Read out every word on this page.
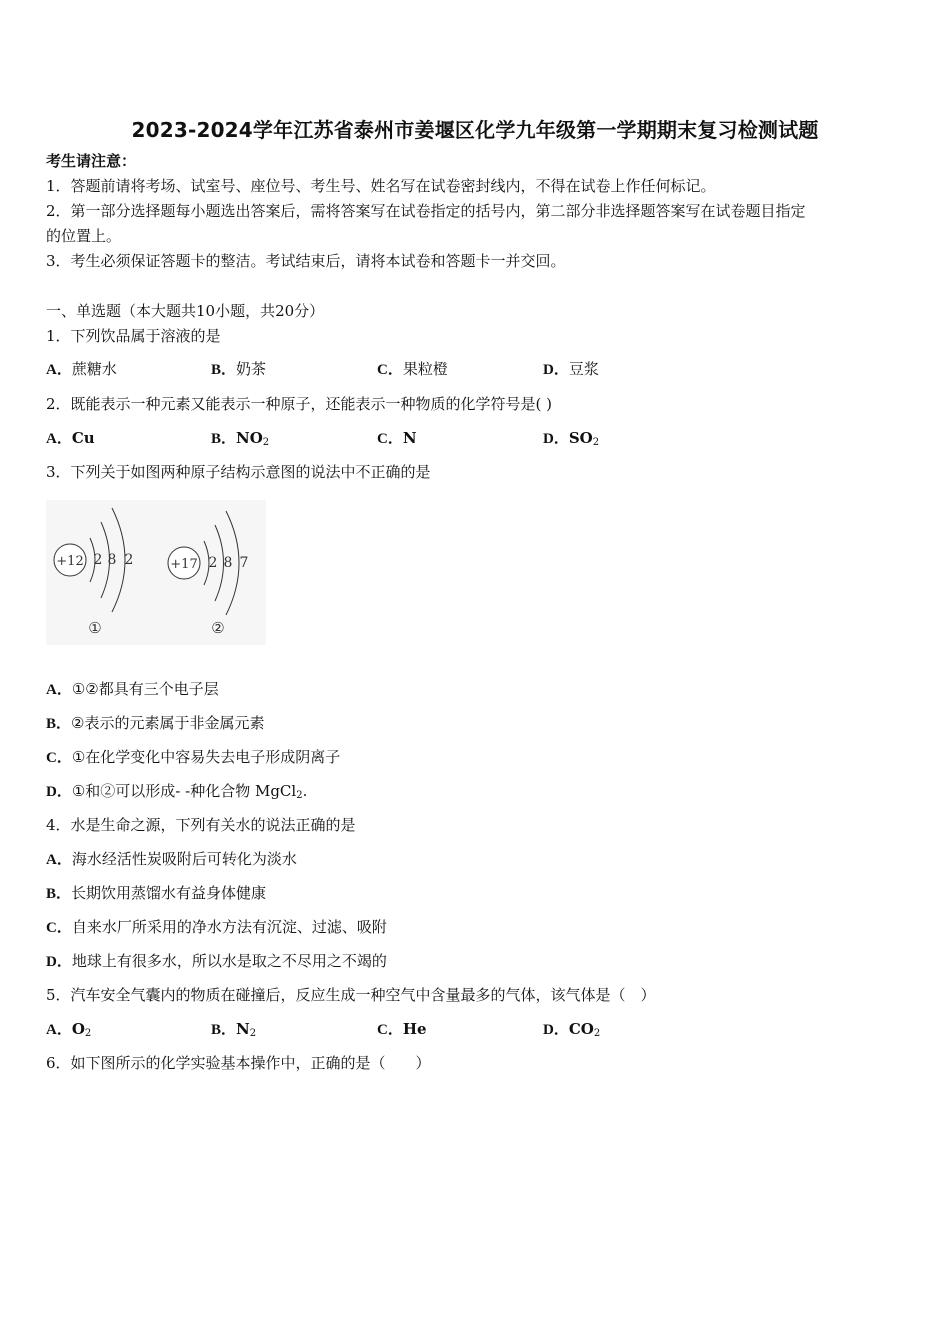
2023-2024学年江苏省泰州市姜堰区化学九年级第一学期期末复习检测试题
考生请注意：
1．答题前请将考场、试室号、座位号、考生号、姓名写在试卷密封线内，不得在试卷上作任何标记。
2．第一部分选择题每小题选出答案后，需将答案写在试卷指定的括号内，第二部分非选择题答案写在试卷题目指定
的位置上。
3．考生必须保证答题卡的整洁。考试结束后，请将本试卷和答题卡一并交回。
一、单选题（本大题共10小题，共20分）
1．下列饮品属于溶液的是
A．蔗糖水	B．奶茶	C．果粒橙	D．豆浆
2．既能表示一种元素又能表示一种原子，还能表示一种物质的化学符号是( )
A．Cu	B．$NO_2$	C．N	D．$SO_2$
3．下列关于如图两种原子结构示意图的说法中不正确的是
+12 2 8 2
①
+17 2 8 7
②
A．①②都具有三个电子层
B．②表示的元素属于非金属元素
C．①在化学变化中容易失去电子形成阴离子
D．①和②可以形成- -种化合物 MgCl$_2$.
4．水是生命之源，下列有关水的说法正确的是
A．海水经活性炭吸附后可转化为淡水
B．长期饮用蒸馏水有益身体健康
C．自来水厂所采用的净水方法有沉淀、过滤、吸附
D．地球上有很多水，所以水是取之不尽用之不竭的
5．汽车安全气囊内的物质在碰撞后，反应生成一种空气中含量最多的气体，该气体是（　）
A．$O_2$	B．$N_2$	C．He	D．$CO_2$
6．如下图所示的化学实验基本操作中，正确的是（　　）
